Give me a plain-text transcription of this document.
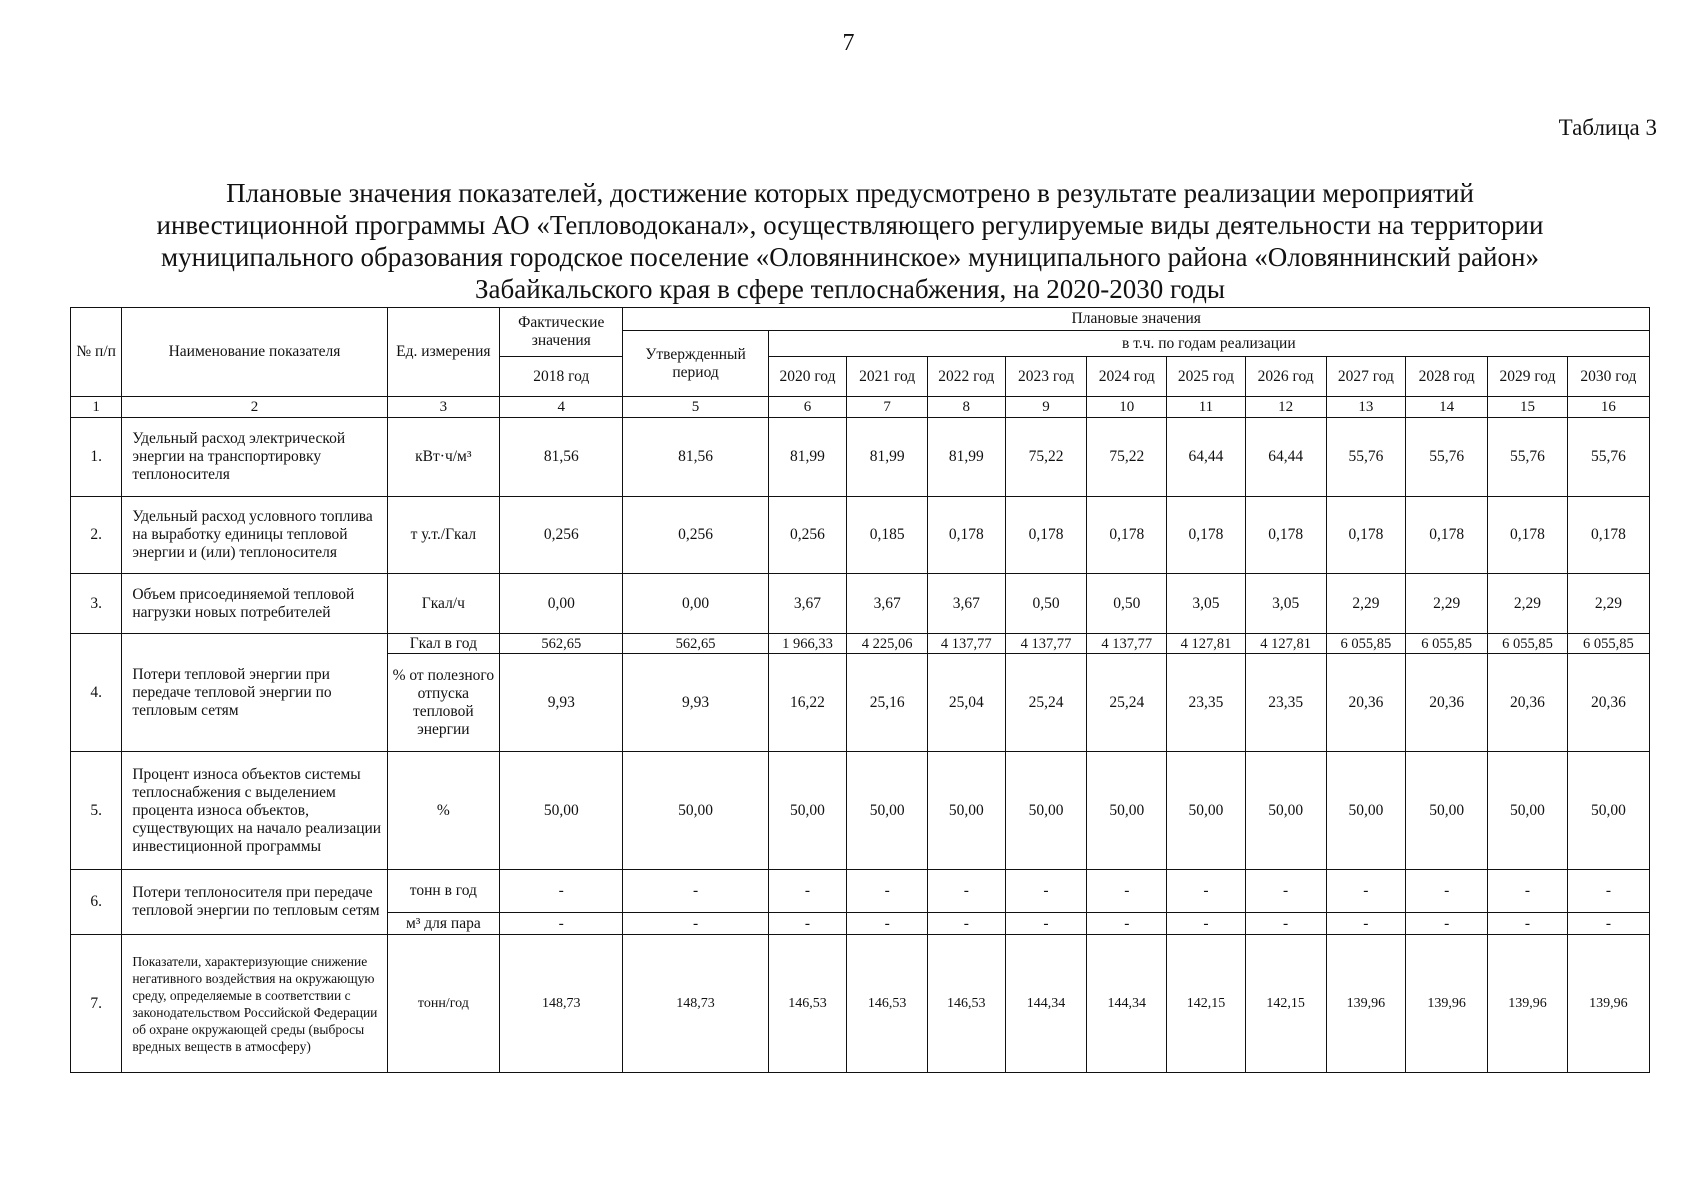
7
Таблица 3
Плановые значения показателей, достижение которых предусмотрено в результате реализации мероприятий
инвестиционной программы АО «Тепловодоканал», осуществляющего регулируемые виды деятельности на территории
муниципального образования городское поселение «Оловяннинское» муниципального района «Оловяннинский район»
Забайкальского края в сфере теплоснабжения, на 2020-2030 годы
№ п/п	Наименование показателя	Ед. измерения	Фактические значения	Плановые значения											
				Утвержденный период	в т.ч. по годам реализации										
			2018 год		2020 год	2021 год	2022 год	2023 год	2024 год	2025 год	2026 год	2027 год	2028 год	2029 год	2030 год
1	2	3	4	5	6	7	8	9	10	11	12	13	14	15	16
1.	Удельный расход электрической энергии на транспортировку теплоносителя	кВт·ч/м³	81,56	81,56	81,99	81,99	81,99	75,22	75,22	64,44	64,44	55,76	55,76	55,76	55,76
2.	Удельный расход условного топлива на выработку единицы тепловой энергии и (или) теплоносителя	т у.т./Гкал	0,256	0,256	0,256	0,185	0,178	0,178	0,178	0,178	0,178	0,178	0,178	0,178	0,178
3.	Объем присоединяемой тепловой нагрузки новых потребителей	Гкал/ч	0,00	0,00	3,67	3,67	3,67	0,50	0,50	3,05	3,05	2,29	2,29	2,29	2,29
4.	Потери тепловой энергии при передаче тепловой энергии по тепловым сетям	Гкал в год	562,65	562,65	1 966,33	4 225,06	4 137,77	4 137,77	4 137,77	4 127,81	4 127,81	6 055,85	6 055,85	6 055,85	6 055,85
		% от полезного отпуска тепловой энергии	9,93	9,93	16,22	25,16	25,04	25,24	25,24	23,35	23,35	20,36	20,36	20,36	20,36
5.	Процент износа объектов системы теплоснабжения с выделением процента износа объектов, существующих на начало реализации инвестиционной программы	%	50,00	50,00	50,00	50,00	50,00	50,00	50,00	50,00	50,00	50,00	50,00	50,00	50,00
6.	Потери теплоносителя при передаче тепловой энергии по тепловым сетям	тонн в год	-	-	-	-	-	-	-	-	-	-	-	-	-
		м³ для пара	-	-	-	-	-	-	-	-	-	-	-	-	-
7.	Показатели, характеризующие снижение негативного воздействия на окружающую среду, определяемые в соответствии с законодательством Российской Федерации об охране окружающей среды (выбросы вредных веществ в атмосферу)	тонн/год	148,73	148,73	146,53	146,53	146,53	144,34	144,34	142,15	142,15	139,96	139,96	139,96	139,96
